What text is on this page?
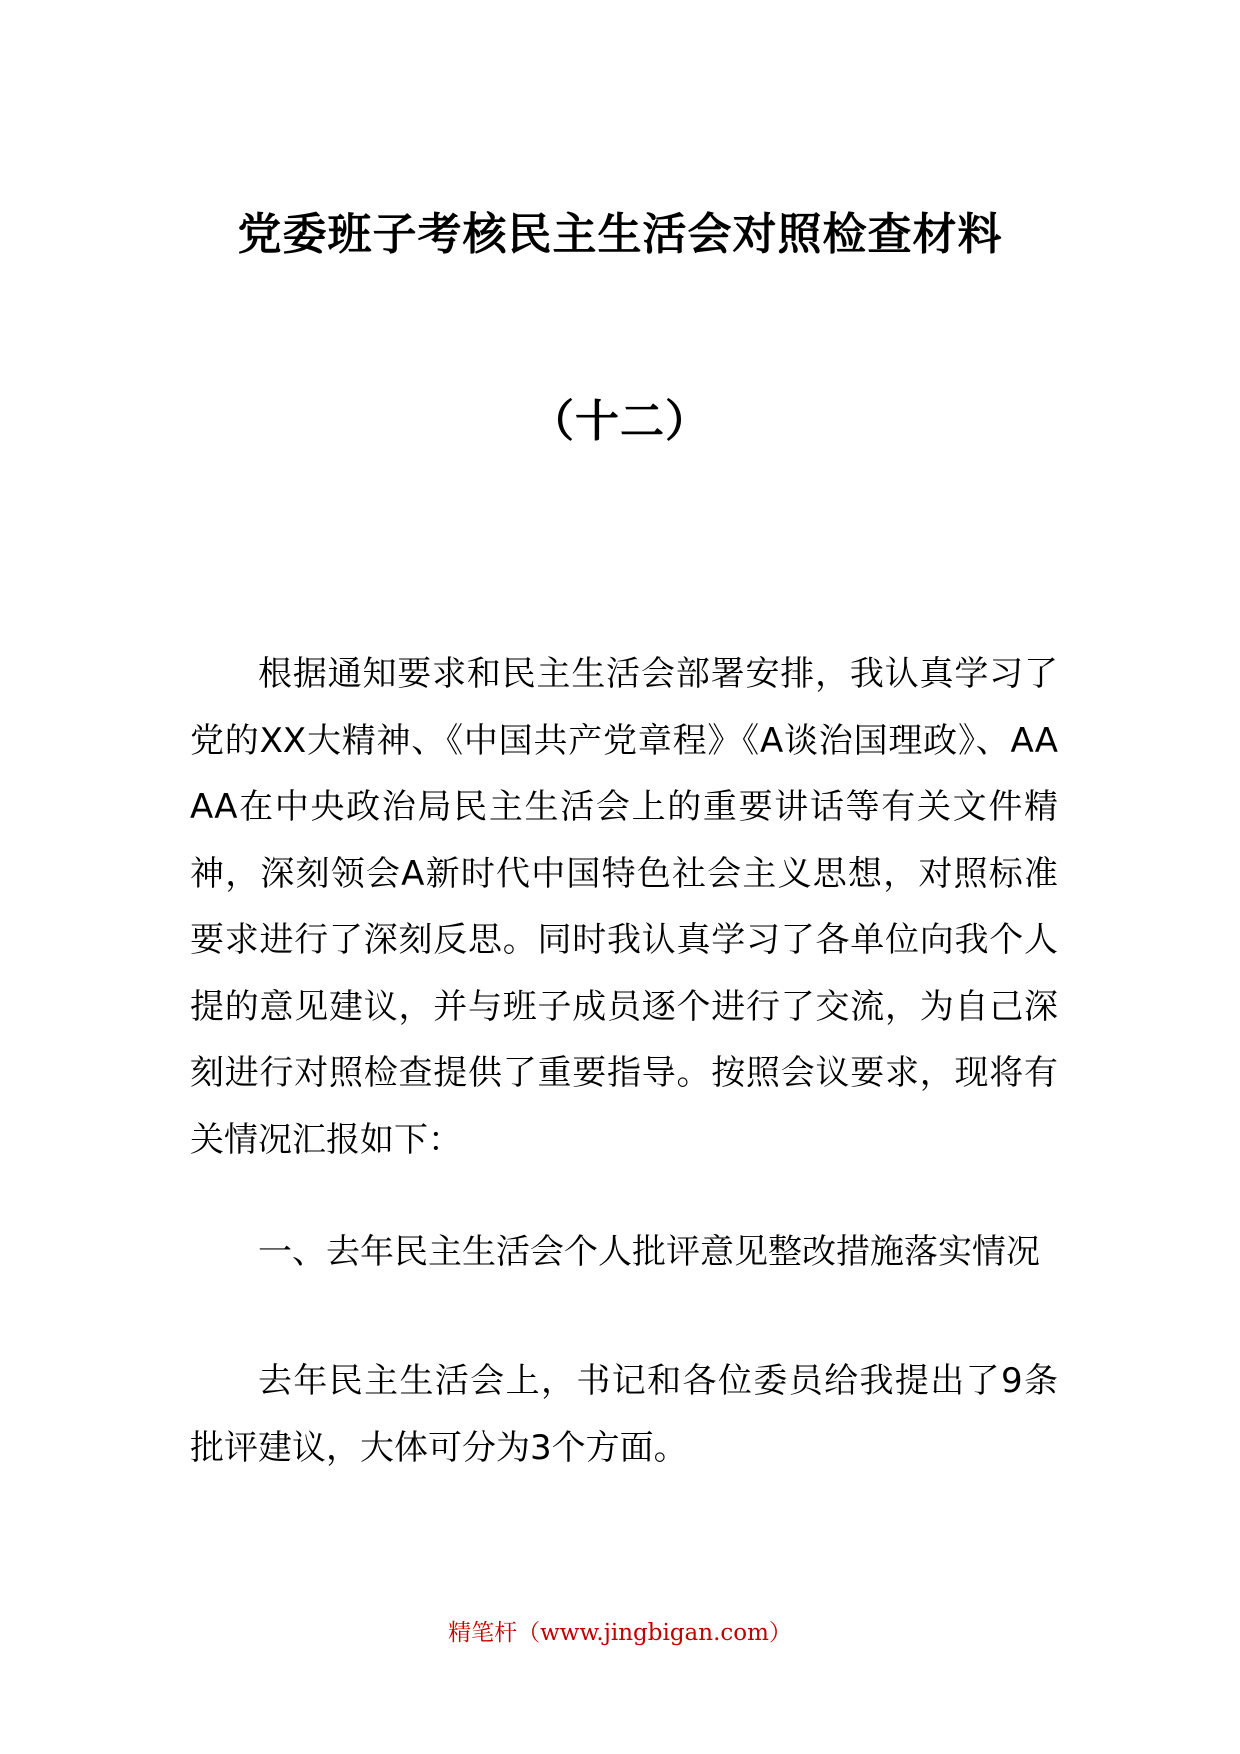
党委班子考核民主生活会对照检查材料
（十二）

根据通知要求和民主生活会部署安排，我认真学习了党的XX大精神、《中国共产党章程》《A谈治国理政》、AAAA在中央政治局民主生活会上的重要讲话等有关文件精神，深刻领会A新时代中国特色社会主义思想，对照标准要求进行了深刻反思。同时我认真学习了各单位向我个人提的意见建议，并与班子成员逐个进行了交流，为自己深刻进行对照检查提供了重要指导。按照会议要求，现将有关情况汇报如下：

一、去年民主生活会个人批评意见整改措施落实情况

去年民主生活会上，书记和各位委员给我提出了9条批评建议，大体可分为3个方面。

精笔杆（www.jingbigan.com）
